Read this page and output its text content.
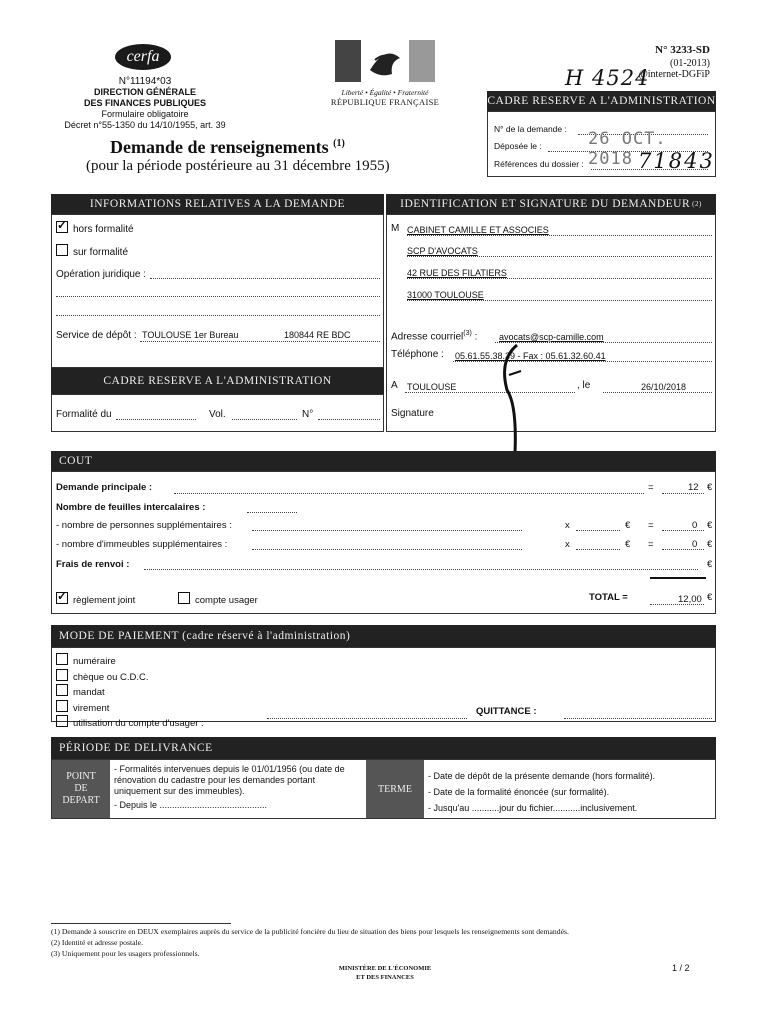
cerfa
N°11194*03
DIRECTION GÉNÉRALE
DES FINANCES PUBLIQUES
Formulaire obligatoire
Décret n°55-1350 du 14/10/1955, art. 39
Liberté • Égalité • Fraternité
RÉPUBLIQUE FRANÇAISE
N° 3233-SD
(01-2013)
@internet-DGFiP
H 4524
CADRE RESERVE A L'ADMINISTRATION
N° de la demande :
Déposée le :	26 OCT. 2018
Références du dossier :	71843
Demande de renseignements $^{(1)}$
(pour la période postérieure au 31 décembre 1955)
INFORMATIONS RELATIVES A LA DEMANDE
✓hors formalité
sur formalité
Opération juridique :
Service de dépôt : TOULOUSE 1er Bureau	180844 RE BDC
CADRE RESERVE A L'ADMINISTRATION
Formalité du	Vol.	N°
IDENTIFICATION ET SIGNATURE DU DEMANDEUR (2)
M CABINET CAMILLE ET ASSOCIES
SCP D'AVOCATS
42 RUE DES FILATIERS
31000 TOULOUSE
Adresse courriel$^{(3)}$ : avocats@scp-camille.com
Téléphone : 05.61.55.38.39 - Fax : 05.61.32.60.41
A TOULOUSE	, le	26/10/2018
Signature
COUT
Demande principale :	=	12 €
Nombre de feuilles intercalaires :
- nombre de personnes supplémentaires :	x	€ =	0 €
- nombre d'immeubles supplémentaires :	x	€ =	0 €
Frais de renvoi :	€
✓règlement joint	compte usager	TOTAL =	12,00 €
MODE DE PAIEMENT (cadre réservé à l'administration)
numéraire
chèque ou C.D.C.
mandat
virement
utilisation du compte d'usager :
QUITTANCE :
PÉRIODE DE DELIVRANCE
POINT DE DEPART
- Formalités intervenues depuis le 01/01/1956 (ou date de rénovation du cadastre pour les demandes portant uniquement sur des immeubles).
- Depuis le ...........................................
TERME
- Date de dépôt de la présente demande (hors formalité).
- Date de la formalité énoncée (sur formalité).
- Jusqu'au ...........jour du fichier...........inclusivement.
(1) Demande à souscrire en DEUX exemplaires auprès du service de la publicité foncière du lieu de situation des biens pour lesquels les renseignements sont demandés.
(2) Identité et adresse postale.
(3) Uniquement pour les usagers professionnels.
MINISTÈRE DE L'ÉCONOMIE
ET DES FINANCES
1 / 2
